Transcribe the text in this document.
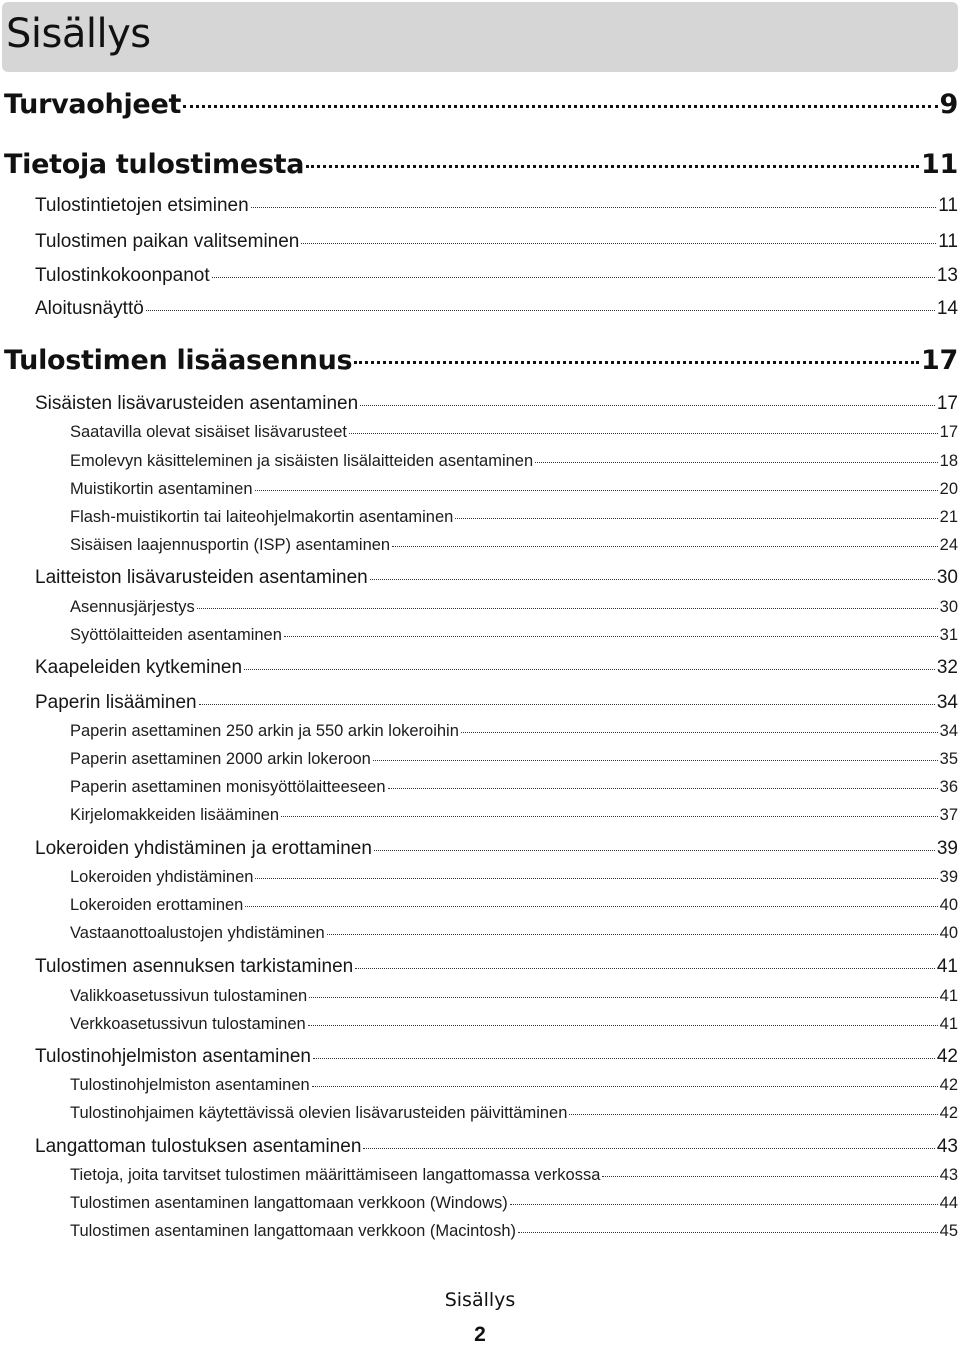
Sisällys
Turvaohjeet	9
Tietoja tulostimesta	11
Tulostintietojen etsiminen	11
Tulostimen paikan valitseminen	11
Tulostinkokoonpanot	13
Aloitusnäyttö	14
Tulostimen lisäasennus	17
Sisäisten lisävarusteiden asentaminen	17
Saatavilla olevat sisäiset lisävarusteet	17
Emolevyn käsitteleminen ja sisäisten lisälaitteiden asentaminen	18
Muistikortin asentaminen	20
Flash-muistikortin tai laiteohjelmakortin asentaminen	21
Sisäisen laajennusportin (ISP) asentaminen	24
Laitteiston lisävarusteiden asentaminen	30
Asennusjärjestys	30
Syöttölaitteiden asentaminen	31
Kaapeleiden kytkeminen	32
Paperin lisääminen	34
Paperin asettaminen 250 arkin ja 550 arkin lokeroihin	34
Paperin asettaminen 2000 arkin lokeroon	35
Paperin asettaminen monisyöttölaitteeseen	36
Kirjelomakkeiden lisääminen	37
Lokeroiden yhdistäminen ja erottaminen	39
Lokeroiden yhdistäminen	39
Lokeroiden erottaminen	40
Vastaanottoalustojen yhdistäminen	40
Tulostimen asennuksen tarkistaminen	41
Valikkoasetussivun tulostaminen	41
Verkkoasetussivun tulostaminen	41
Tulostinohjelmiston asentaminen	42
Tulostinohjelmiston asentaminen	42
Tulostinohjaimen käytettävissä olevien lisävarusteiden päivittäminen	42
Langattoman tulostuksen asentaminen	43
Tietoja, joita tarvitset tulostimen määrittämiseen langattomassa verkossa	43
Tulostimen asentaminen langattomaan verkkoon (Windows)	44
Tulostimen asentaminen langattomaan verkkoon (Macintosh)	45
Sisällys
2
